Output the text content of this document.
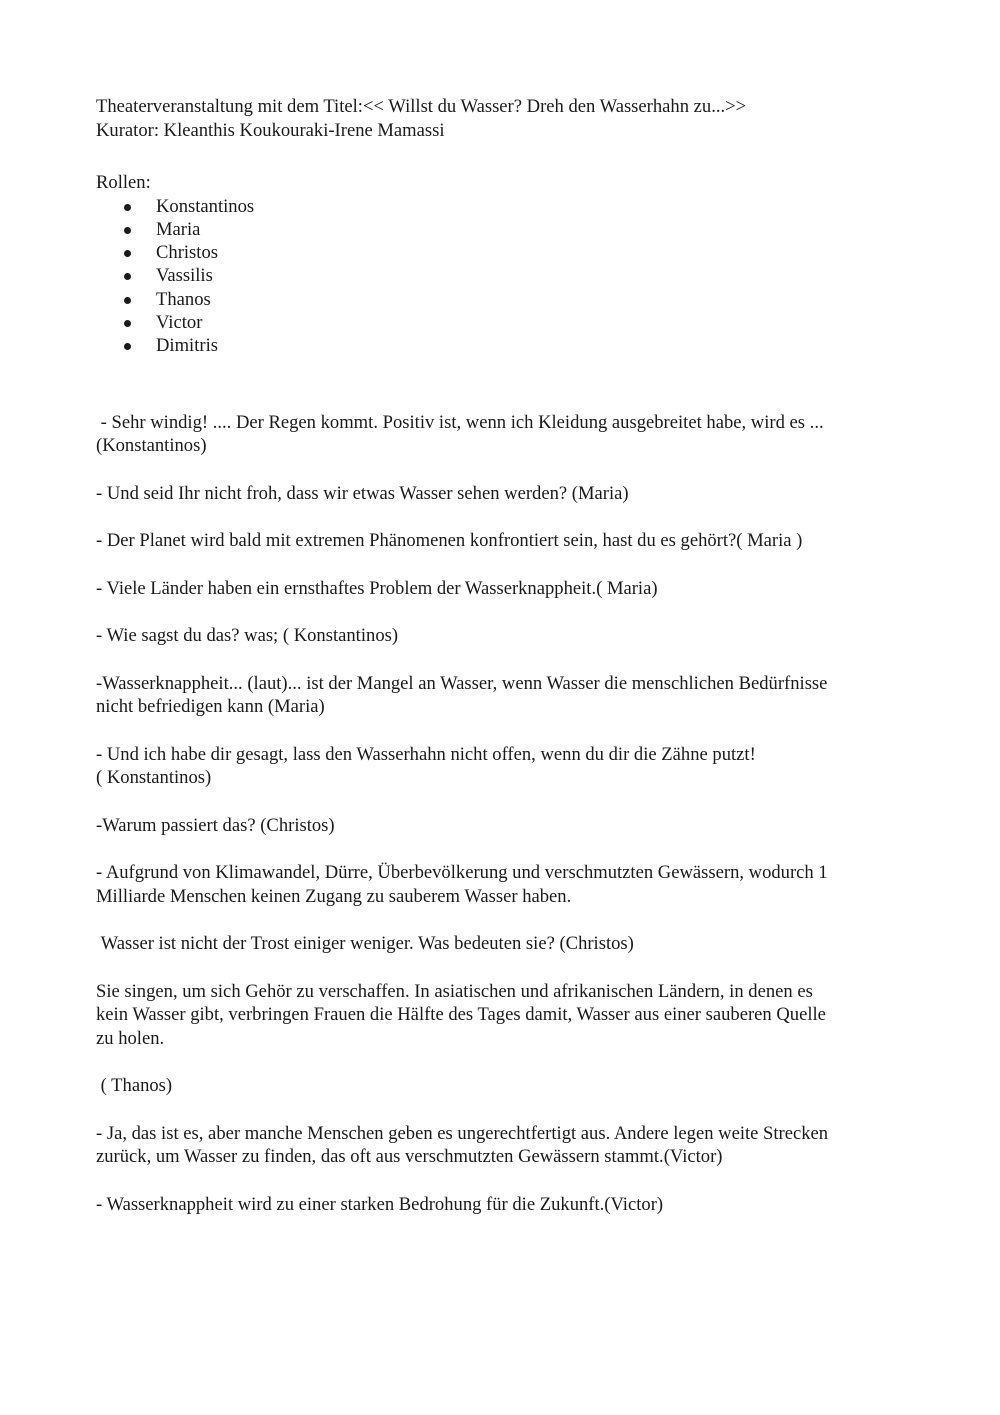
Theaterveranstaltung mit dem Titel:<< Willst du Wasser? Dreh den Wasserhahn zu...>>

Kurator: Kleanthis Koukouraki-Irene Mamassi

Rollen:

Konstantinos
Maria
Christos
Vassilis
Thanos
Victor
Dimitris

- Sehr windig! .... Der Regen kommt. Positiv ist, wenn ich Kleidung ausgebreitet habe, wird es ...
(Konstantinos)

- Und seid Ihr nicht froh, dass wir etwas Wasser sehen werden? (Maria)

- Der Planet wird bald mit extremen Phänomenen konfrontiert sein, hast du es gehört?( Maria )

- Viele Länder haben ein ernsthaftes Problem der Wasserknappheit.( Maria)

- Wie sagst du das? was; ( Konstantinos)

-Wasserknappheit... (laut)... ist der Mangel an Wasser, wenn Wasser die menschlichen Bedürfnisse
nicht befriedigen kann (Maria)

- Und ich habe dir gesagt, lass den Wasserhahn nicht offen, wenn du dir die Zähne putzt!
( Konstantinos)

-Warum passiert das? (Christos)

- Aufgrund von Klimawandel, Dürre, Überbevölkerung und verschmutzten Gewässern, wodurch 1
Milliarde Menschen keinen Zugang zu sauberem Wasser haben.

Wasser ist nicht der Trost einiger weniger. Was bedeuten sie? (Christos)

Sie singen, um sich Gehör zu verschaffen. In asiatischen und afrikanischen Ländern, in denen es
kein Wasser gibt, verbringen Frauen die Hälfte des Tages damit, Wasser aus einer sauberen Quelle
zu holen.

( Thanos)

- Ja, das ist es, aber manche Menschen geben es ungerechtfertigt aus. Andere legen weite Strecken
zurück, um Wasser zu finden, das oft aus verschmutzten Gewässern stammt.(Victor)

- Wasserknappheit wird zu einer starken Bedrohung für die Zukunft.(Victor)
